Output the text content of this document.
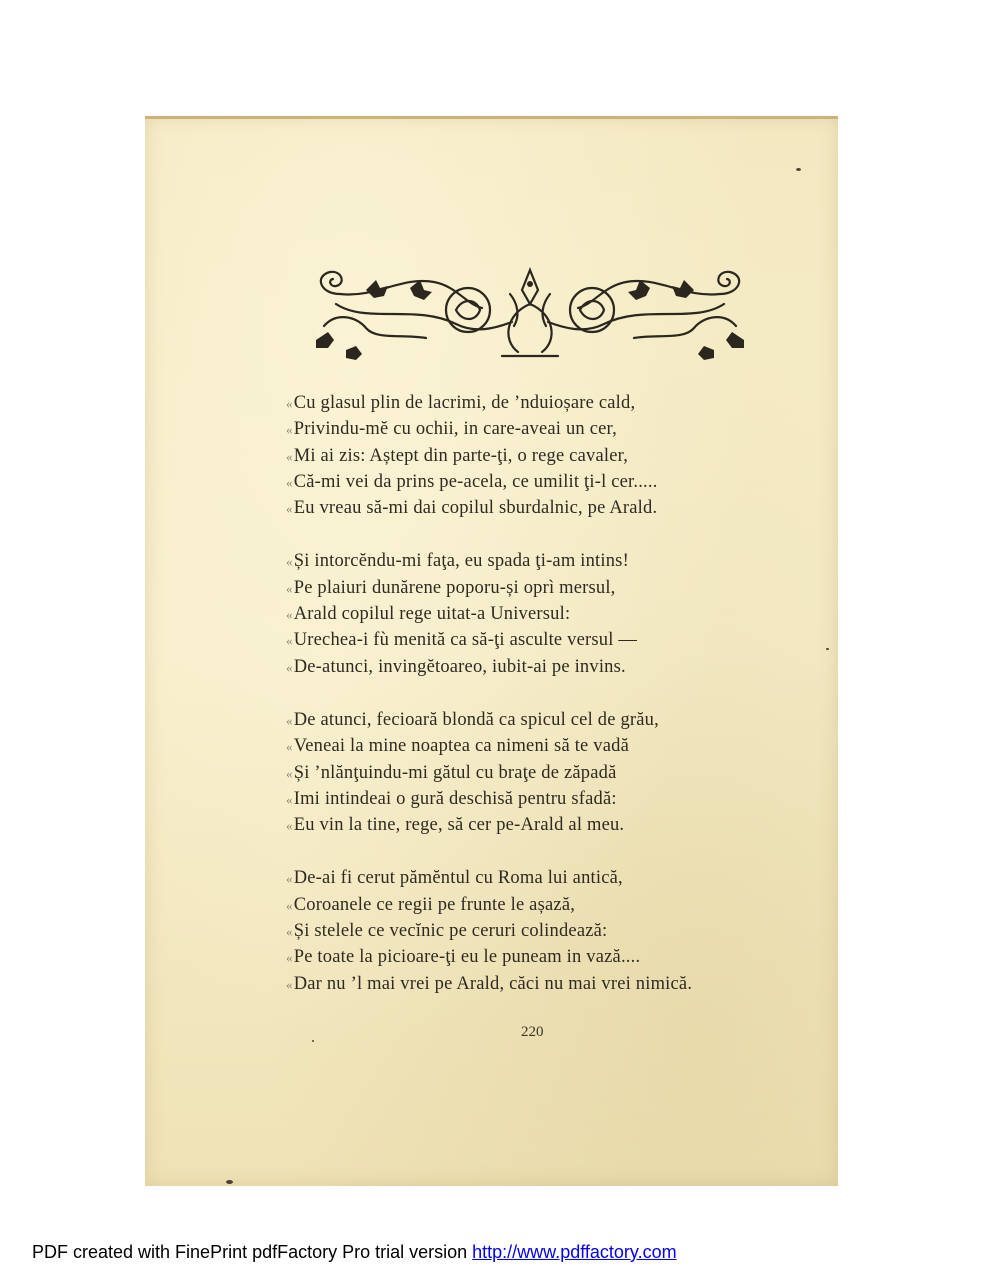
«Cu glasul plin de lacrimi, de ’nduioșare cald,
«Privindu-mĕ cu ochii, in care-aveai un cer,
«Mi ai zis: Aștept din parte-ţi, o rege cavaler,
«Că-mi vei da prins pe-acela, ce umilit ţi-l cer.....
«Eu vreau să-mi dai copilul sburdalnic, pe Arald.
«Și intorcĕndu-mi faţa, eu spada ţi-am intins!
«Pe plaiuri dunărene poporu-și oprì mersul,
«Arald copilul rege uitat-a Universul:
«Urechea-i fù menită ca să-ţi asculte versul —
«De-atunci, invingĕtoareo, iubit-ai pe invins.
«De atunci, fecioară blondă ca spicul cel de grău,
«Veneai la mine noaptea ca nimeni să te vadă
«Și ’nlănţuindu-mi gătul cu braţe de zăpadă
«Imi intindeai o gură deschisă pentru sfadă:
«Eu vin la tine, rege, să cer pe-Arald al meu.
«De-ai fi cerut pămĕntul cu Roma lui antică,
«Coroanele ce regii pe frunte le așază,
«Și stelele ce vecĭnic pe ceruri colindează:
«Pe toate la picioare-ţi eu le puneam in vază....
«Dar nu ’l mai vrei pe Arald, căci nu mai vrei nimică.
220
PDF created with FinePrint pdfFactory Pro trial version http://www.pdffactory.com
